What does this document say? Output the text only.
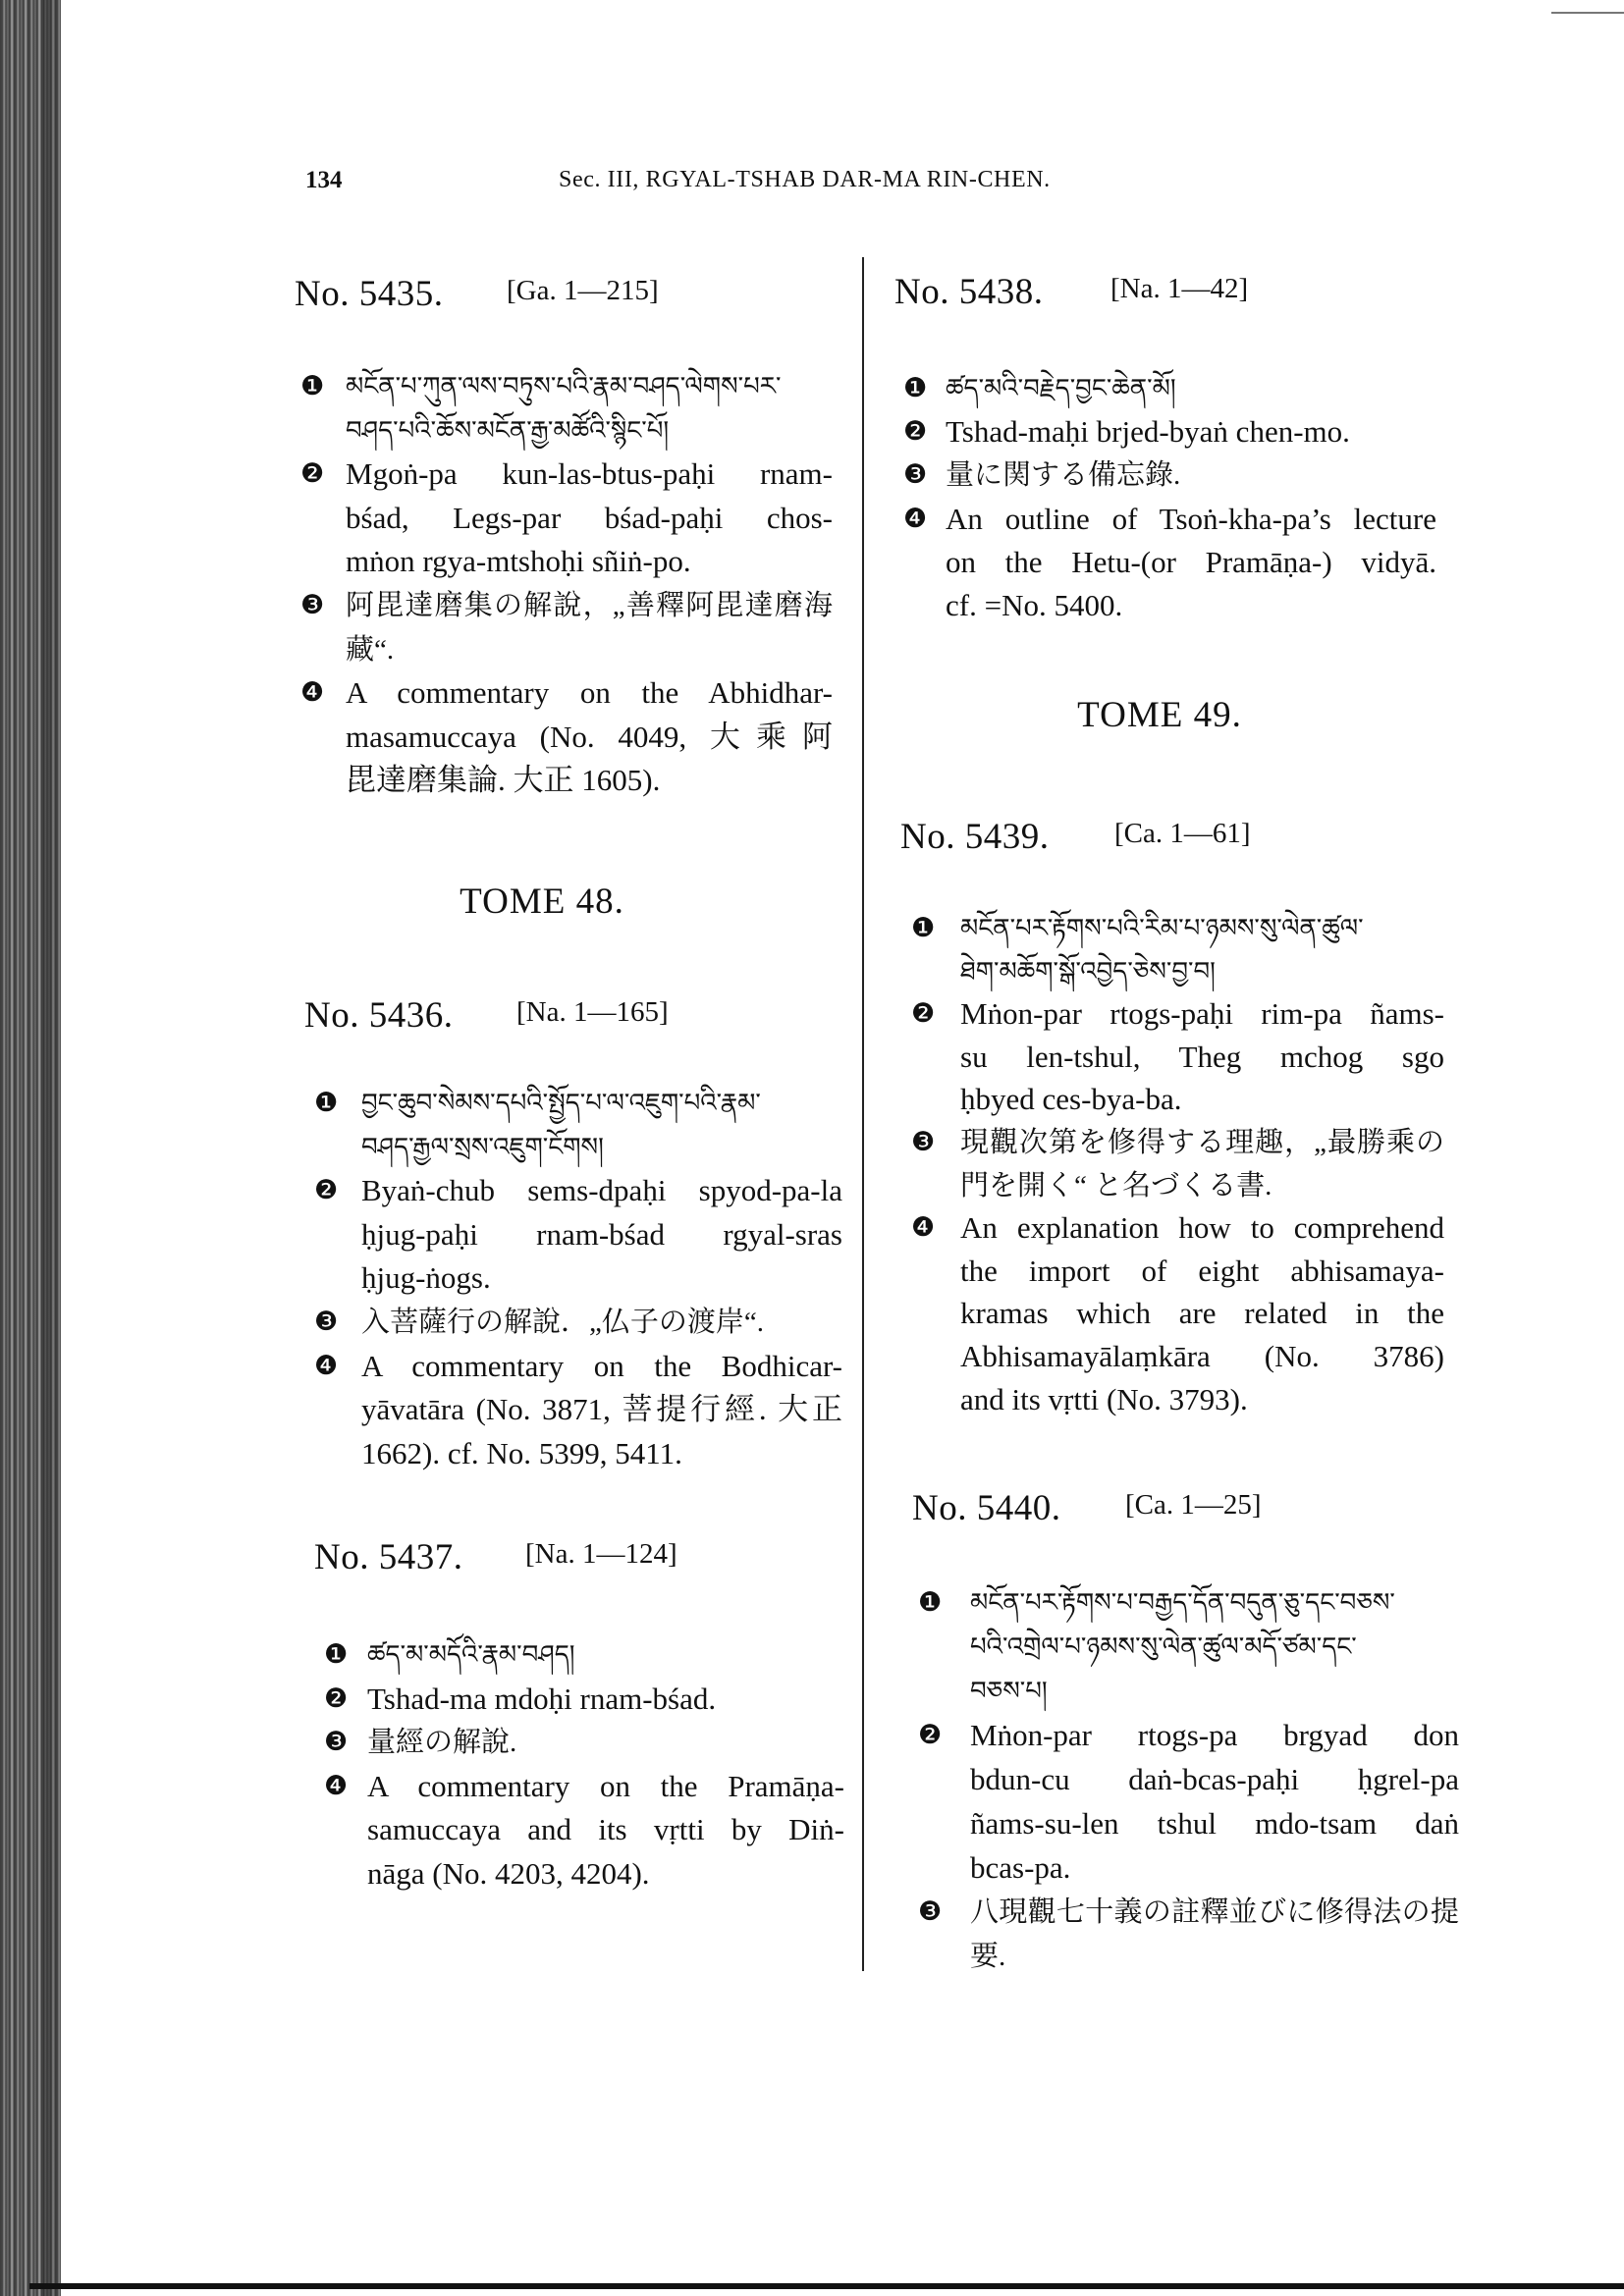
134	Sec. III, RGYAL-TSHAB DAR-MA RIN-CHEN.
TOME 48.
TOME 49.
No. 5435. [Ga. 1—215]
❶ མངོན་པ་ཀུན་ལས་བཏུས་པའི་རྣམ་བཤད་ལེགས་པར་
བཤད་པའི་ཆོས་མངོན་རྒྱ་མཚོའི་སྙིང་པོ།
❷ Mgoṅ-pa kun-las-btus-paḥi rnam-
bśad, Legs-par bśad-paḥi chos-
mṅon rgya-mtshoḥi sñiṅ-po.
❸ 阿毘達磨集の解說，„善釋阿毘達磨海
藏“.
❹ A commentary on the Abhidhar-
masamuccaya (No. 4049, 大乘阿
毘達磨集論. 大正 1605).
No. 5436. [Na. 1—165]
❶ བྱང་ཆུབ་སེམས་དཔའི་སྤྱོད་པ་ལ་འཇུག་པའི་རྣམ་
བཤད་རྒྱལ་སྲས་འཇུག་ངོགས།
❷ Byaṅ-chub sems-dpaḥi spyod-pa-la
ḥjug-paḥi rnam-bśad rgyal-sras
ḥjug-ṅogs.
❸ 入菩薩行の解說．„仏子の渡岸“.
❹ A commentary on the Bodhicar-
yāvatāra (No. 3871, 菩提行經. 大正
1662). cf. No. 5399, 5411.
No. 5437. [Na. 1—124]
❶ ཚད་མ་མདོའི་རྣམ་བཤད།
❷ Tshad-ma mdoḥi rnam-bśad.
❸ 量經の解說.
❹ A commentary on the Pramāṇa-
samuccaya and its vṛtti by Diṅ-
nāga (No. 4203, 4204).
No. 5438. [Na. 1—42]
❶ ཚད་མའི་བརྗེད་བྱང་ཆེན་མོ།
❷ Tshad-maḥi brjed-byaṅ chen-mo.
❸ 量に関する備忘錄.
❹ An outline of Tsoṅ-kha-pa’s lecture
on the Hetu-(or Pramāṇa-) vidyā.
cf. =No. 5400.
No. 5439. [Ca. 1—61]
❶ མངོན་པར་རྟོགས་པའི་རིམ་པ་ཉམས་སུ་ལེན་ཚུལ་
ཐེག་མཆོག་སྒོ་འབྱེད་ཅེས་བྱ་བ།
❷ Mṅon-par rtogs-paḥi rim-pa ñams-
su len-tshul, Theg mchog sgo
ḥbyed ces-bya-ba.
❸ 現觀次第を修得する理趣，„最勝乘の
門を開く“ と名づくる書.
❹ An explanation how to comprehend
the import of eight abhisamaya-
kramas which are related in the
Abhisamayālaṃkāra (No. 3786)
and its vṛtti (No. 3793).
No. 5440. [Ca. 1—25]
❶ མངོན་པར་རྟོགས་པ་བརྒྱད་དོན་བདུན་ཅུ་དང་བཅས་
པའི་འགྲེལ་པ་ཉམས་སུ་ལེན་ཚུལ་མདོ་ཙམ་དང་
བཅས་པ།
❷ Mṅon-par rtogs-pa brgyad don
bdun-cu daṅ-bcas-paḥi ḥgrel-pa
ñams-su-len tshul mdo-tsam daṅ
bcas-pa.
❸ 八現觀七十義の註釋並びに修得法の提
要.
